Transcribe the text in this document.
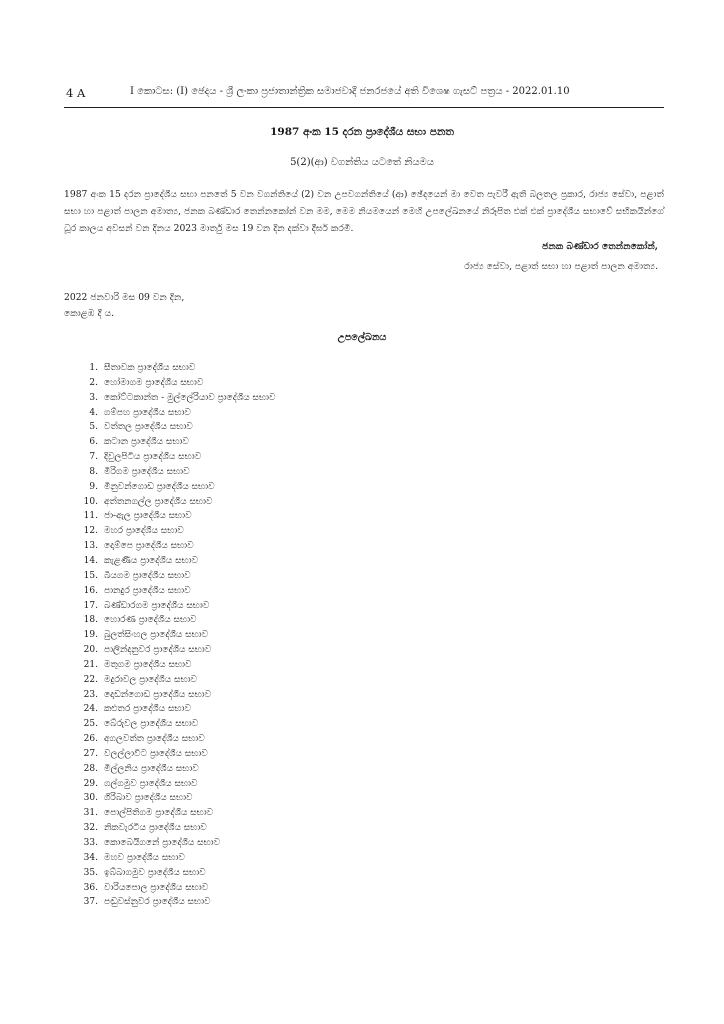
4 A	I කොටස: (I) ඡෙදය - ශ්‍රී ලංකා ප්‍රජාතාන්ත්‍රික සමාජවාදී ජනරජයේ අති විශෙෂ ගැසට් පත්‍රය - 2022.01.10
1987 අංක 15 දරන ප්‍රාදේශීය සභා පනත
5(2)(ආ) වගන්තිය යටතේ නියමය
1987 අංක 15 දරන ප්‍රාදේශීය සභා පනතේ 5 වන වගන්තියේ (2) වන උපවගන්තියේ (ආ) ඡේදයෙන් මා වෙත පැවරී ඇති බලතල ප්‍රකාර, රාජ්‍ය සේවා, පළාත් සභා හා පළාත් පාලන අමාත්‍ය, ජනක බණ්ඩාර තෙන්නකෝන් වන මම, මෙම නියමයෙන් මෙහි උපලේඛනයේ නිරූපිත එක් එක් ප්‍රාදේශීය සභාවේ සභිකයින්ගේ ධූර කාලය අවසන් වන දිනය 2023 මාර්තු මස 19 වන දින දක්වා දීර්ඝ කරමි.
ජනක බණ්ඩාර තෙන්නකෝන්,
රාජ්‍ය සේවා, පළාත් සභා හා පළාත් පාලන අමාත්‍ය.
2022 ජනවාරි මස 09 වන දින,
කොළඹ දී ය.
උපලේඛනය
1. සීතාවක ප්‍රාදේශීය සභාව
2. හෝමාගම ප්‍රාදේශීය සභාව
3. කෝට්ටකාන්ත - මුල්ලේරියාව ප්‍රාදේශීය සභාව
4. ගම්පහ ප්‍රාදේශීය සභාව
5. වත්තල ප්‍රාදේශීය සභාව
6. කටාන ප්‍රාදේශීය සභාව
7. දිවුලපිටිය ප්‍රාදේශීය සභාව
8. මීරිගම ප්‍රාදේශීය සභාව
9. මිනුවන්ගොඩ ප්‍රාදේශීය සභාව
10. අත්තනගල්ල ප්‍රාදේශීය සභාව
11. ජා-ඇල ප්‍රාදේශීය සභාව
12. මහර ප්‍රාදේශීය සභාව
13. දොම්පෙ ප්‍රාදේශීය සභාව
14. කැළණිය ප්‍රාදේශීය සභාව
15. බියගම ප්‍රාදේශීය සභාව
16. පානදුර ප්‍රාදේශීය සභාව
17. බණ්ඩාරගම ප්‍රාදේශීය සභාව
18. හොරණ ප්‍රාදේශීය සභාව
19. බුලත්සිංහල ප්‍රාදේශීය සභාව
20. පාලින්දනුවර ප්‍රාදේශීය සභාව
21. මතුගම ප්‍රාදේශීය සභාව
22. මදුරාවල ප්‍රාදේශීය සභාව
23. දොඩන්ගොඩ ප්‍රාදේශීය සභාව
24. කළුතර ප්‍රාදේශීය සභාව
25. බේරුවල ප්‍රාදේශීය සභාව
26. අගලවත්ත ප්‍රාදේශීය සභාව
27. වලල්ලාවිට ප්‍රාදේශීය සභාව
28. මිල්ලනිය ප්‍රාදේශීය සභාව
29. ගල්ගමුව ප්‍රාදේශීය සභාව
30. ගිරිබාව ප්‍රාදේශීය සභාව
31. පොල්පිතිගම ප්‍රාදේශීය සභාව
32. නිකවැරටිය ප්‍රාදේශීය සභාව
33. කොබෙයිගනේ ප්‍රාදේශීය සභාව
34. මහව ප්‍රාදේශීය සභාව
35. ඉබ්බාගමුව ප්‍රාදේශීය සභාව
36. වාරියපොල ප්‍රාදේශීය සභාව
37. පඬුවස්නුවර ප්‍රාදේශීය සභාව
